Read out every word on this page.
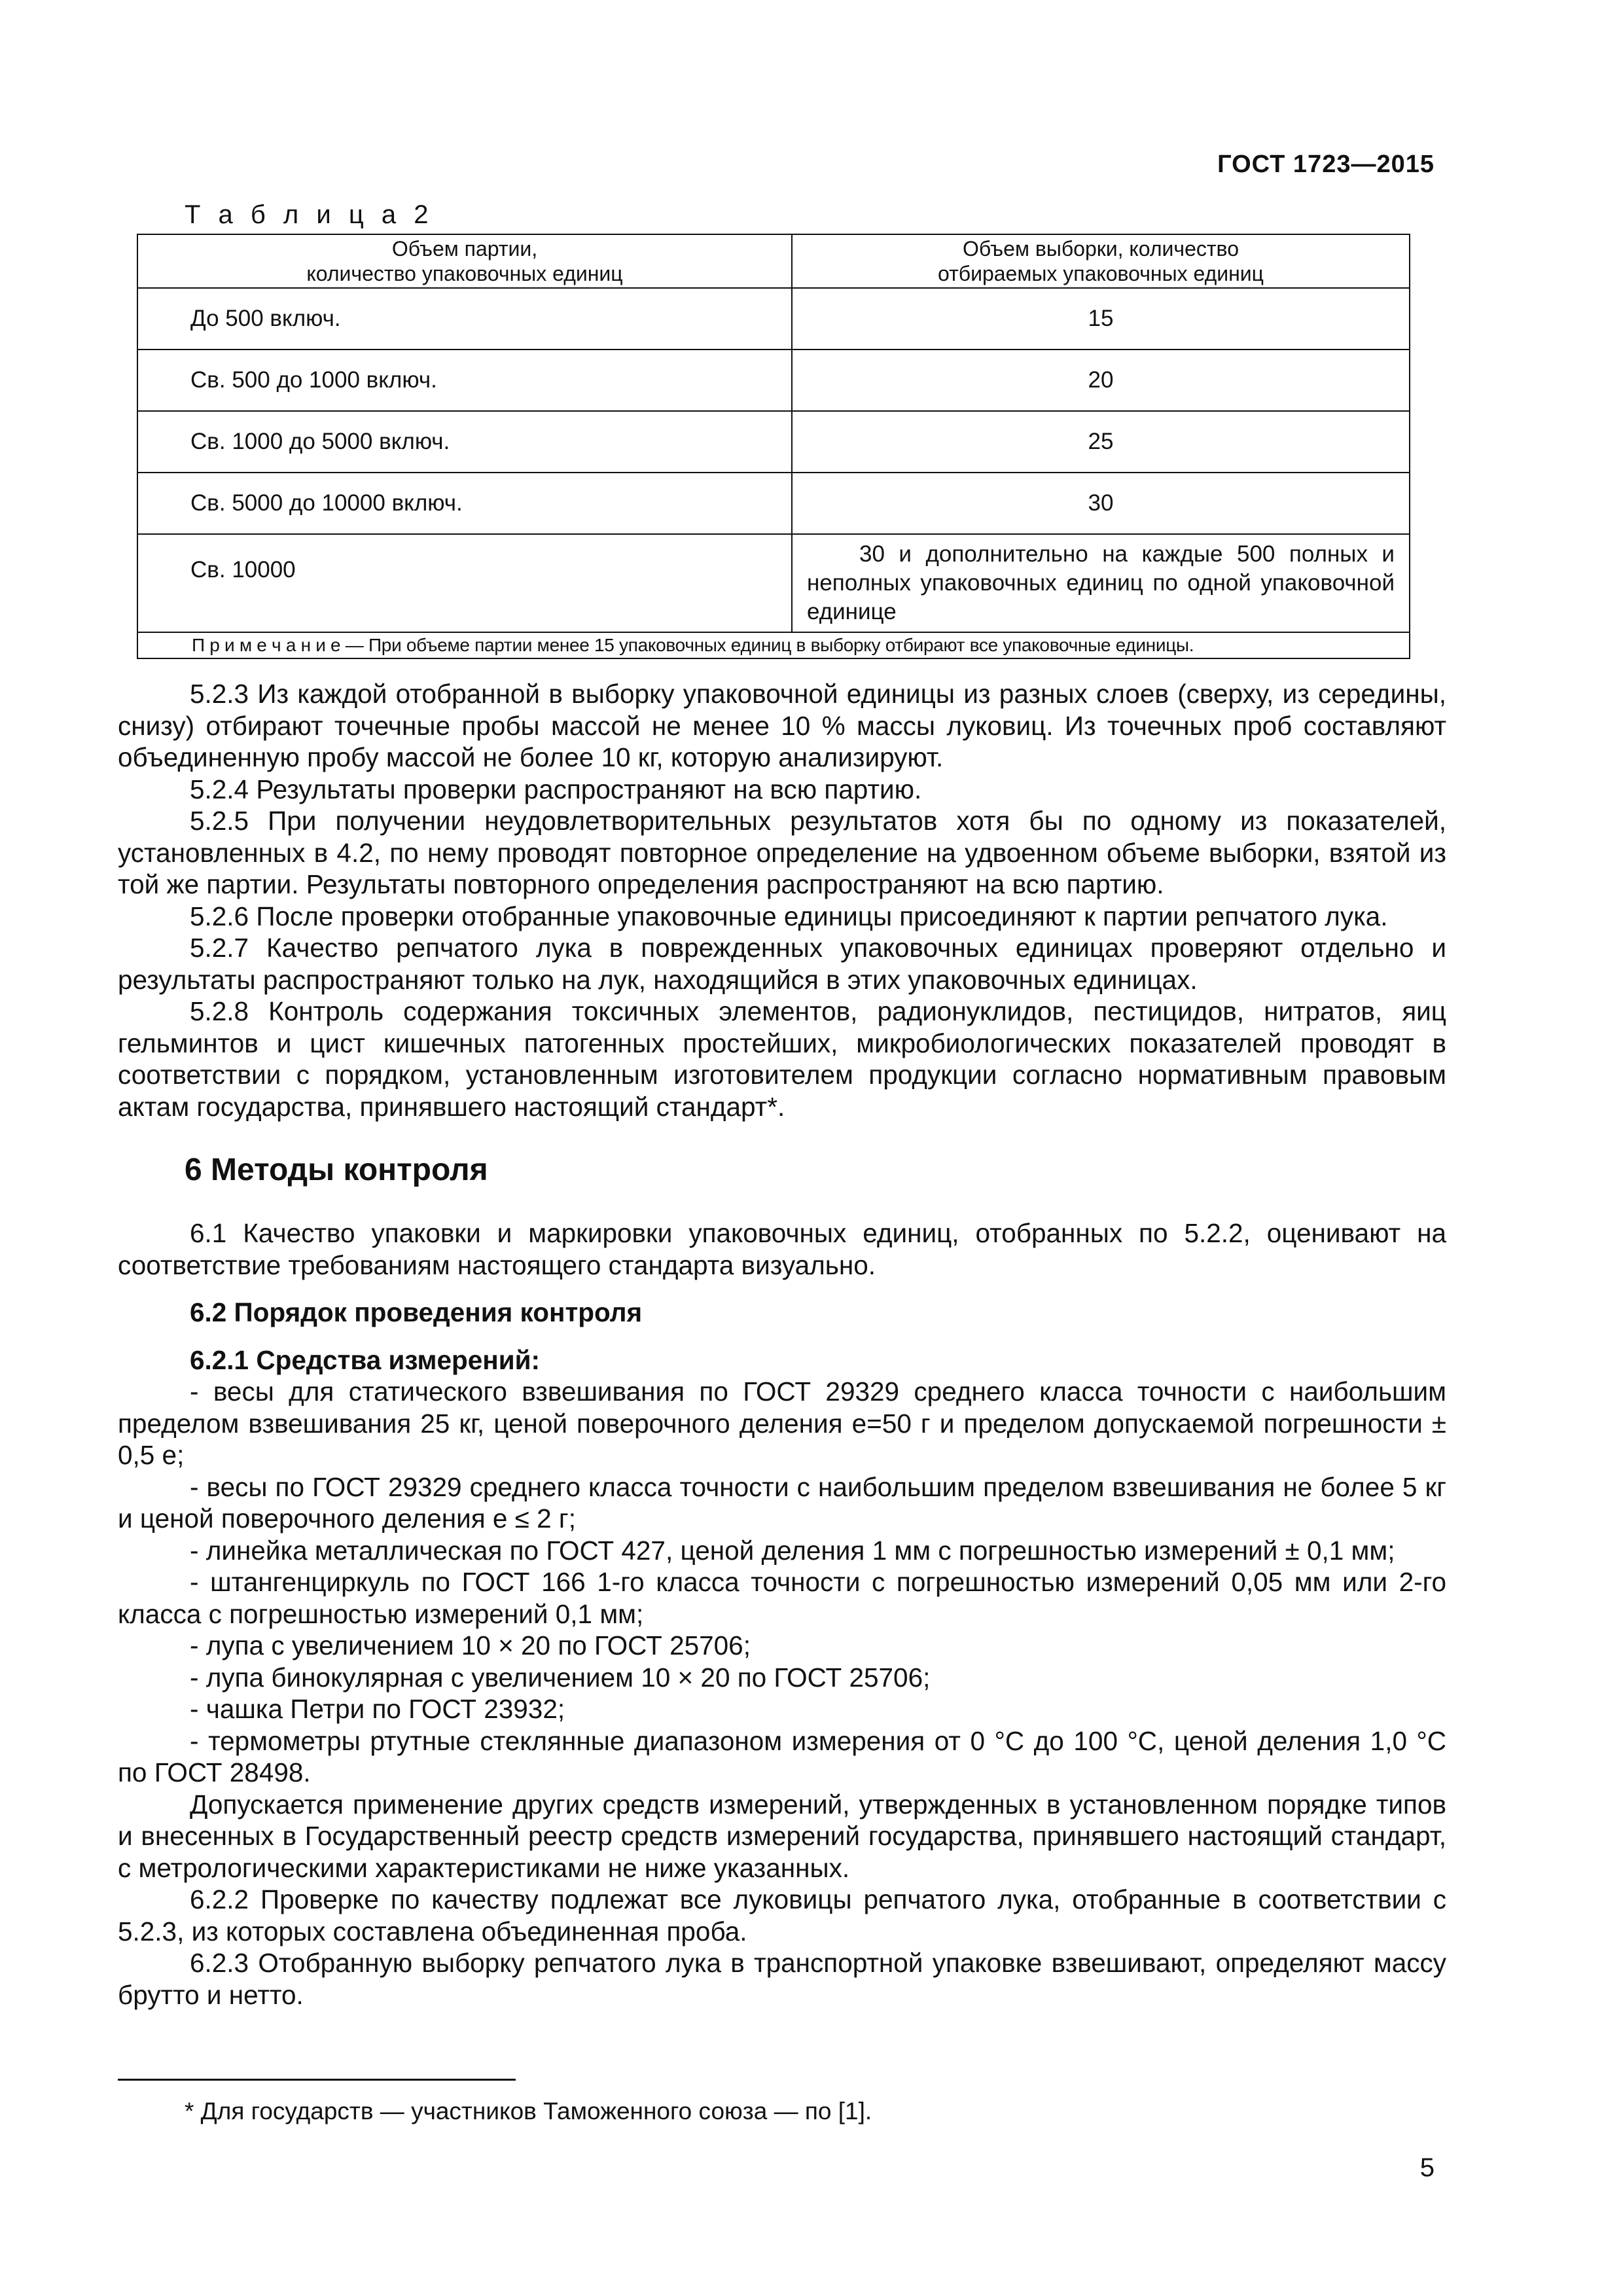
ГОСТ 1723—2015
Т а б л и ц а 2
Объем партии,
количество упаковочных единиц	Объем выборки, количество
отбираемых упаковочных единиц
До 500 включ.	15
Св. 500 до 1000 включ.	20
Св. 1000 до 5000 включ.	25
Св. 5000 до 10000 включ.	30
Св. 10000	30 и дополнительно на каждые 500 полных и неполных упаковочных единиц по одной упаковочной единице
П р и м е ч а н и е — При объеме партии менее 15 упаковочных единиц в выборку отбирают все упаковочные единицы.	

5.2.3 Из каждой отобранной в выборку упаковочной единицы из разных слоев (сверху, из середины, снизу) отбирают точечные пробы массой не менее 10 % массы луковиц. Из точечных проб составляют объединенную пробу массой не более 10 кг, которую анализируют.

5.2.4 Результаты проверки распространяют на всю партию.

5.2.5 При получении неудовлетворительных результатов хотя бы по одному из показателей, установленных в 4.2, по нему проводят повторное определение на удвоенном объеме выборки, взятой из той же партии. Результаты повторного определения распространяют на всю партию.

5.2.6 После проверки отобранные упаковочные единицы присоединяют к партии репчатого лука.

5.2.7 Качество репчатого лука в поврежденных упаковочных единицах проверяют отдельно и результаты распространяют только на лук, находящийся в этих упаковочных единицах.

5.2.8 Контроль содержания токсичных элементов, радионуклидов, пестицидов, нитратов, яиц гельминтов и цист кишечных патогенных простейших, микробиологических показателей проводят в соответствии с порядком, установленным изготовителем продукции согласно нормативным правовым актам государства, принявшего настоящий стандарт*.

6 Методы контроля

6.1 Качество упаковки и маркировки упаковочных единиц, отобранных по 5.2.2, оценивают на соответствие требованиям настоящего стандарта визуально.

6.2 Порядок проведения контроля

6.2.1 Средства измерений:

- весы для статического взвешивания по ГОСТ 29329 среднего класса точности с наибольшим пределом взвешивания 25 кг, ценой поверочного деления e=50 г и пределом допускаемой погрешности ± 0,5 e;

- весы по ГОСТ 29329 среднего класса точности с наибольшим пределом взвешивания не более 5 кг и ценой поверочного деления e ≤ 2 г;

- линейка металлическая по ГОСТ 427, ценой деления 1 мм с погрешностью измерений ± 0,1 мм;

- штангенциркуль по ГОСТ 166 1-го класса точности с погрешностью измерений 0,05 мм или 2-го класса с погрешностью измерений 0,1 мм;

- лупа с увеличением 10 × 20 по ГОСТ 25706;

- лупа бинокулярная с увеличением 10 × 20 по ГОСТ 25706;

- чашка Петри по ГОСТ 23932;

- термометры ртутные стеклянные диапазоном измерения от 0 °С до 100 °С, ценой деления 1,0 °С по ГОСТ 28498.

Допускается применение других средств измерений, утвержденных в установленном порядке типов и внесенных в Государственный реестр средств измерений государства, принявшего настоящий стандарт, с метрологическими характеристиками не ниже указанных.

6.2.2 Проверке по качеству подлежат все луковицы репчатого лука, отобранные в соответствии с 5.2.3, из которых составлена объединенная проба.

6.2.3 Отобранную выборку репчатого лука в транспортной упаковке взвешивают, определяют массу брутто и нетто.

* Для государств — участников Таможенного союза — по [1].
5
